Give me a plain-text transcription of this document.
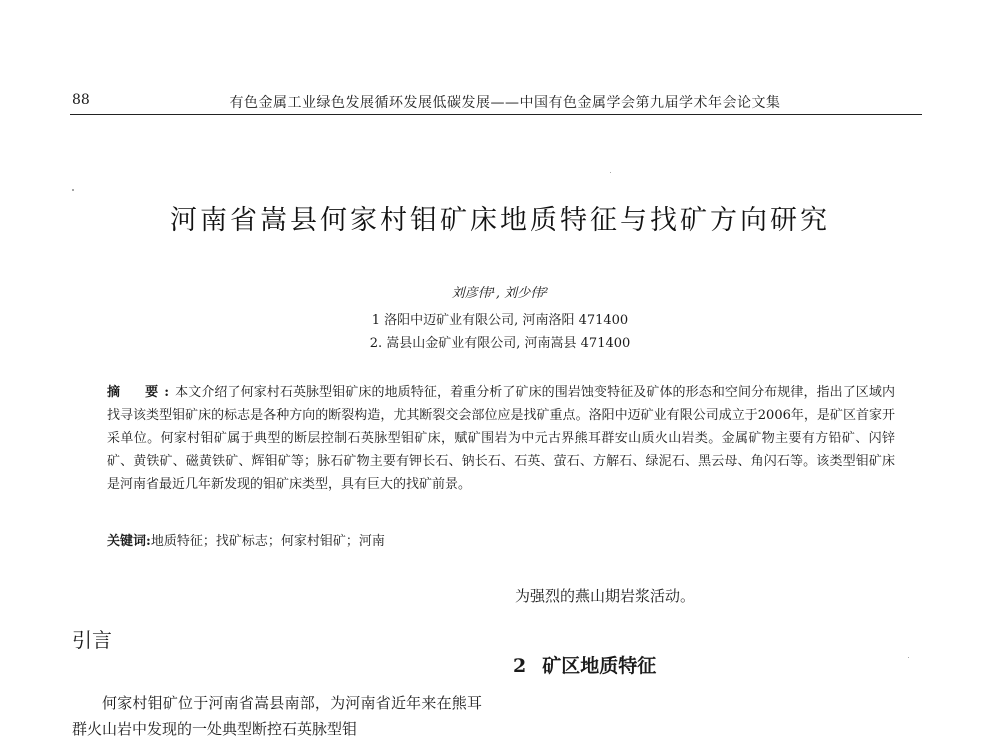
88	有色金属工业绿色发展循环发展低碳发展——中国有色金属学会第九届学术年会论文集
河南省嵩县何家村钼矿床地质特征与找矿方向研究
刘彦伟¹, 刘少伟²
1 洛阳中迈矿业有限公司, 河南洛阳 471400
2. 嵩县山金矿业有限公司, 河南嵩县 471400
摘　要:本文介绍了何家村石英脉型钼矿床的地质特征，着重分析了矿床的围岩蚀变特征及矿体的形态和空间分布规律，指出了区域内找寻该类型钼矿床的标志是各种方向的断裂构造，尤其断裂交会部位应是找矿重点。洛阳中迈矿业有限公司成立于2006年，是矿区首家开采单位。何家村钼矿属于典型的断层控制石英脉型钼矿床，赋矿围岩为中元古界熊耳群安山质火山岩类。金属矿物主要有方铅矿、闪锌矿、黄铁矿、磁黄铁矿、辉钼矿等；脉石矿物主要有钾长石、钠长石、石英、萤石、方解石、绿泥石、黑云母、角闪石等。该类型钼矿床是河南省最近几年新发现的钼矿床类型，具有巨大的找矿前景。
关键词:地质特征；找矿标志；何家村钼矿；河南
为强烈的燕山期岩浆活动。
引言
2 矿区地质特征
何家村钼矿位于河南省嵩县南部，为河南省近年来在熊耳群火山岩中发现的一处典型断控石英脉型钼
